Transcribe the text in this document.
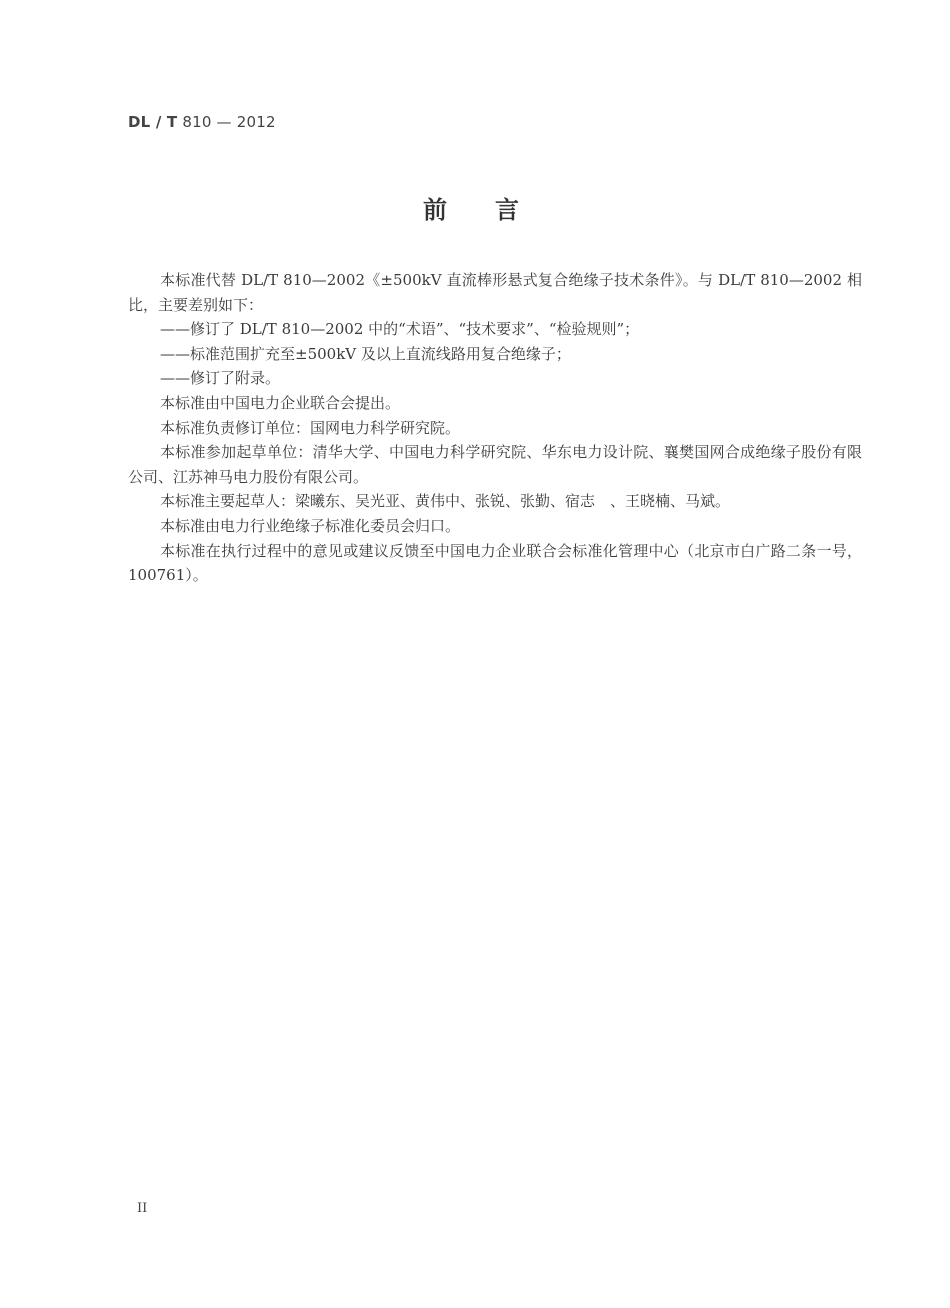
DL / T 810 — 2012
前言

本标准代替 DL/T 810—2002《±500kV 直流棒形悬式复合绝缘子技术条件》。与 DL/T 810—2002 相比，主要差别如下：

——修订了 DL/T 810—2002 中的“术语”、“技术要求”、“检验规则”；

——标准范围扩充至±500kV 及以上直流线路用复合绝缘子；

——修订了附录。

本标准由中国电力企业联合会提出。

本标准负责修订单位：国网电力科学研究院。

本标准参加起草单位：清华大学、中国电力科学研究院、华东电力设计院、襄樊国网合成绝缘子股份有限公司、江苏神马电力股份有限公司。

本标准主要起草人：梁曦东、吴光亚、黄伟中、张锐、张勤、宿志　、王晓楠、马斌。

本标准由电力行业绝缘子标准化委员会归口。

本标准在执行过程中的意见或建议反馈至中国电力企业联合会标准化管理中心（北京市白广路二条一号，100761）。

II
